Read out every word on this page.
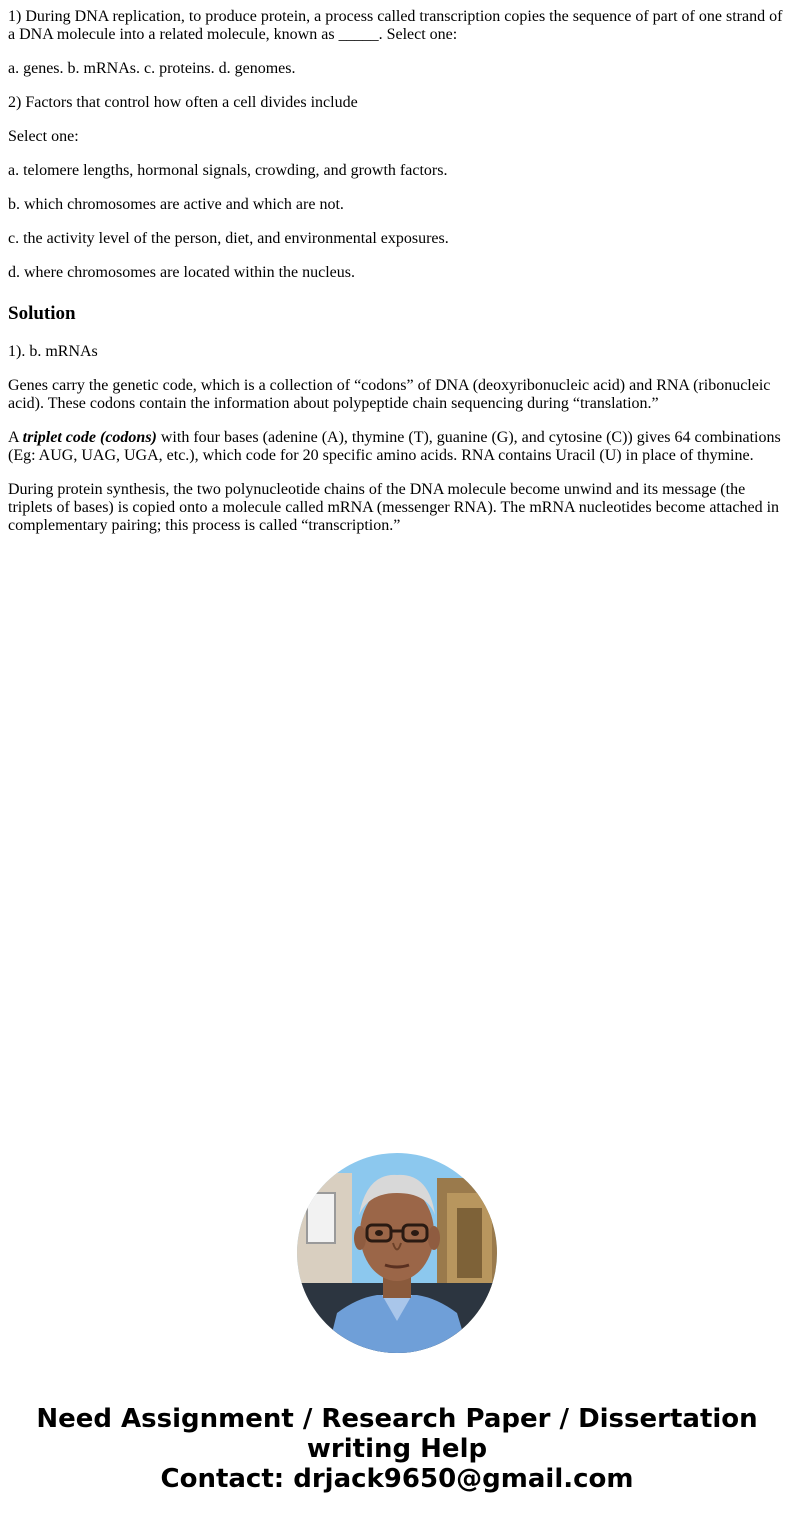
1) During DNA replication, to produce protein, a process called transcription copies the sequence of part of one strand of a DNA molecule into a related molecule, known as _____. Select one:

a. genes. b. mRNAs. c. proteins. d. genomes.

2) Factors that control how often a cell divides include

Select one:

a. telomere lengths, hormonal signals, crowding, and growth factors.

b. which chromosomes are active and which are not.

c. the activity level of the person, diet, and environmental exposures.

d. where chromosomes are located within the nucleus.

Solution

1). b. mRNAs

Genes carry the genetic code, which is a collection of “codons” of DNA (deoxyribonucleic acid) and RNA (ribonucleic acid). These codons contain the information about polypeptide chain sequencing during “translation.”

A triplet code (codons) with four bases (adenine (A), thymine (T), guanine (G), and cytosine (C)) gives 64 combinations (Eg: AUG, UAG, UGA, etc.), which code for 20 specific amino acids. RNA contains Uracil (U) in place of thymine.

During protein synthesis, the two polynucleotide chains of the DNA molecule become unwind and its message (the triplets of bases) is copied onto a molecule called mRNA (messenger RNA). The mRNA nucleotides become attached in complementary pairing; this process is called “transcription.”

Need Assignment / Research Paper / Dissertation
writing Help
Contact: drjack9650@gmail.com
